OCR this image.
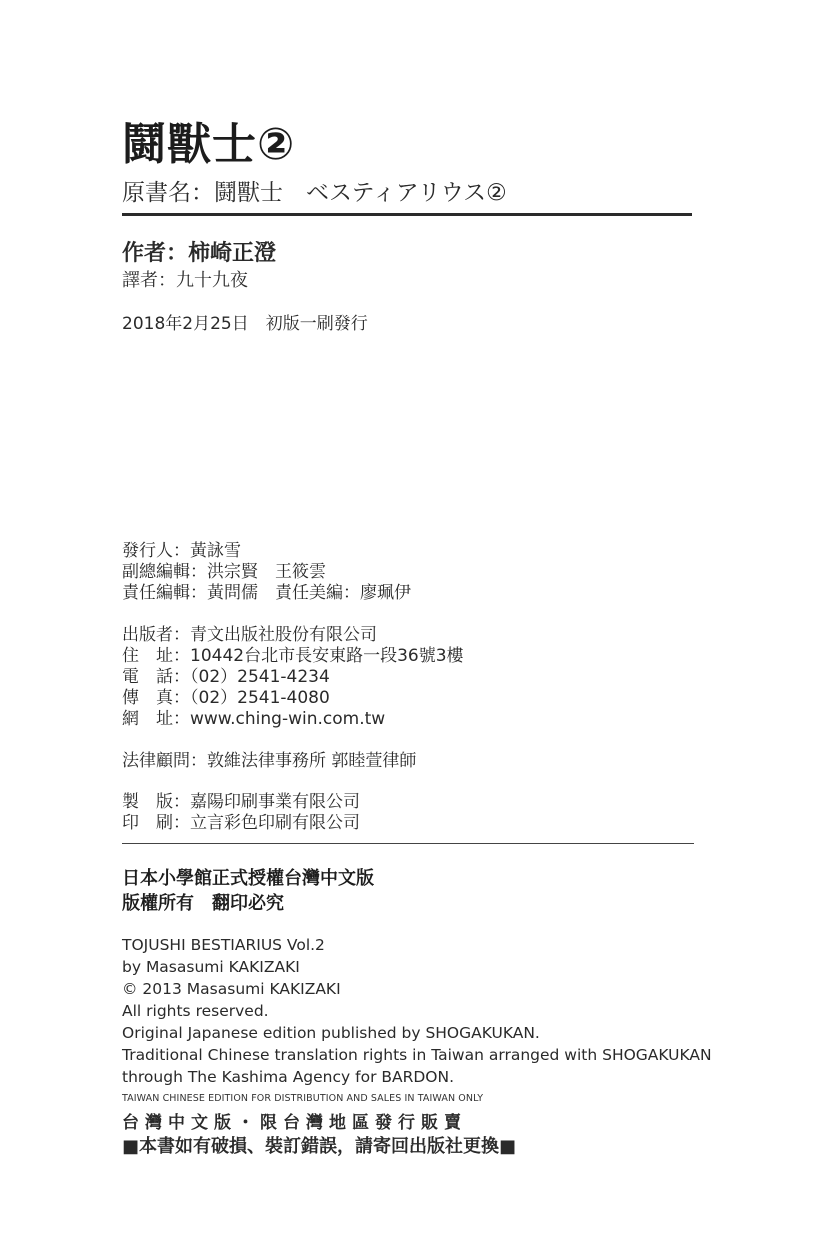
鬪獸士②
原書名：鬪獸士　ベスティアリウス②
作者：柿崎正澄
譯者：九十九夜
2018年2月25日　初版一刷發行
發行人：黃詠雪
副總編輯：洪宗賢　王筱雲
責任編輯：黃問儒　責任美編：廖珮伊
出版者：青文出版社股份有限公司
住　址：10442台北市長安東路一段36號3樓
電　話：（02）2541-4234
傳　真：（02）2541-4080
網　址：www.ching-win.com.tw
法律顧問：敦維法律事務所 郭睦萱律師
製　版：嘉陽印刷事業有限公司
印　刷：立言彩色印刷有限公司
日本小學館正式授權台灣中文版
版權所有　翻印必究
TOJUSHI BESTIARIUS Vol.2
by Masasumi KAKIZAKI
© 2013 Masasumi KAKIZAKI
All rights reserved.
Original Japanese edition published by SHOGAKUKAN.
Traditional Chinese translation rights in Taiwan arranged with SHOGAKUKAN
through The Kashima Agency for BARDON.
TAIWAN CHINESE EDITION FOR DISTRIBUTION AND SALES IN TAIWAN ONLY
台灣中文版・限台灣地區發行販賣
■本書如有破損、裝訂錯誤，請寄回出版社更換■
